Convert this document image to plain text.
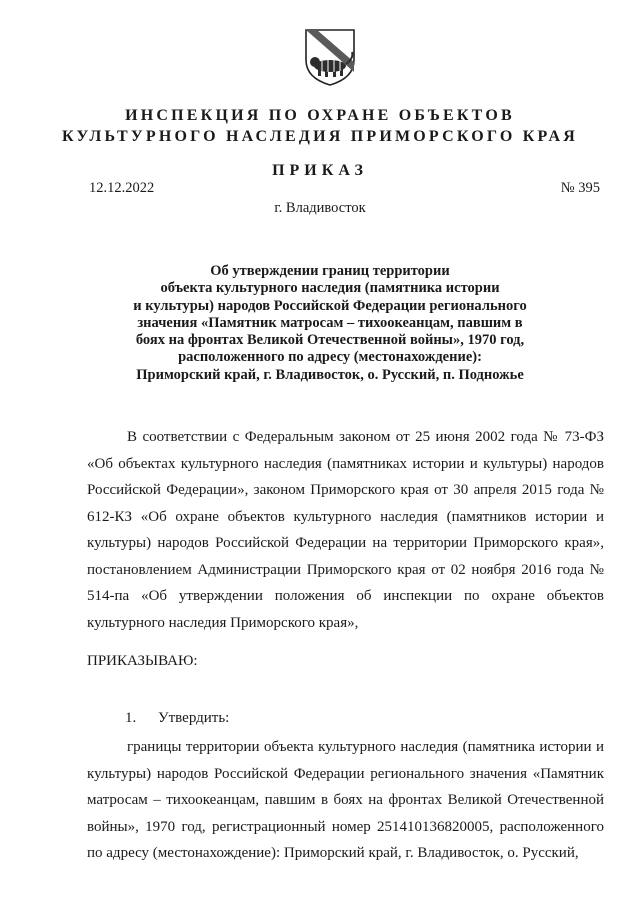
ИНСПЕКЦИЯ ПО ОХРАНЕ ОБЪЕКТОВ
КУЛЬТУРНОГО НАСЛЕДИЯ ПРИМОРСКОГО КРАЯ
ПРИКАЗ
12.12.2022	№ 395
г. Владивосток
Об утверждении границ территории
объекта культурного наследия (памятника истории
и культуры) народов Российской Федерации регионального
значения «Памятник матросам – тихоокеанцам, павшим в
боях на фронтах Великой Отечественной войны», 1970 год,
расположенного по адресу (местонахождение):
Приморский край, г. Владивосток, о. Русский, п. Подножье
В соответствии с Федеральным законом от 25 июня 2002 года № 73-ФЗ «Об объектах культурного наследия (памятниках истории и культуры) народов Российской Федерации», законом Приморского края от 30 апреля 2015 года № 612-КЗ «Об охране объектов культурного наследия (памятников истории и культуры) народов Российской Федерации на территории Приморского края», постановлением Администрации Приморского края от 02 ноября 2016 года № 514-па «Об утверждении положения об инспекции по охране объектов культурного наследия Приморского края»,
ПРИКАЗЫВАЮ:
1. Утвердить:
границы территории объекта культурного наследия (памятника истории и культуры) народов Российской Федерации регионального значения «Памятник матросам – тихоокеанцам, павшим в боях на фронтах Великой Отечественной войны», 1970 год, регистрационный номер 251410136820005, расположенного по адресу (местонахождение): Приморский край, г. Владивосток, о. Русский,
